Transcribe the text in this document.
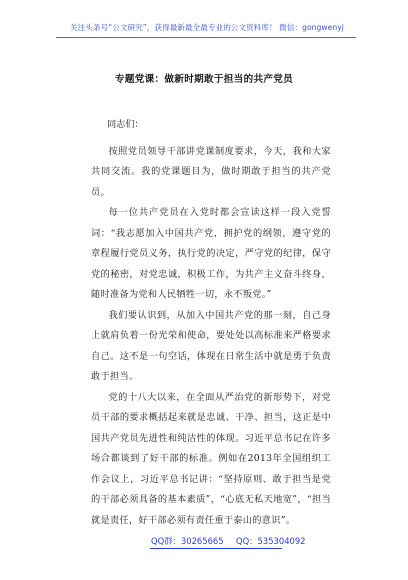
关注头条号“公文研究”，获得最新最全最专业的公文资料库！ 微信：gongwenyj
专题党课：做新时期敢于担当的共产党员

同志们：

按照党员领导干部讲党课制度要求，今天，我和大家共同交流。我的党课题目为，做时期敢于担当的共产党员。

每一位共产党员在入党时都会宣读这样一段入党誓词：“我志愿加入中国共产党，拥护党的纲领，遵守党的章程履行党员义务，执行党的决定，严守党的纪律，保守党的秘密，对党忠诚，积极工作，为共产主义奋斗终身，随时准备为党和人民牺牲一切，永不叛党。”

我们要认识到，从加入中国共产党的那一刻，自己身上就肩负着一份光荣和使命，要处处以高标准来严格要求自己。这不是一句空话，体现在日常生活中就是勇于负责敢于担当。

党的十八大以来，在全面从严治党的新形势下，对党员干部的要求概括起来就是忠诚、干净、担当，这正是中国共产党员先进性和纯洁性的体现。习近平总书记在许多场合都谈到了好干部的标准。例如在2013年全国组织工作会议上，习近平总书记讲：“坚持原则、敢于担当是党的干部必须具备的基本素质”，“心底无私天地宽”，“担当就是责任，好干部必须有责任重于泰山的意识”。

QQ群：30265665 QQ：535304092
